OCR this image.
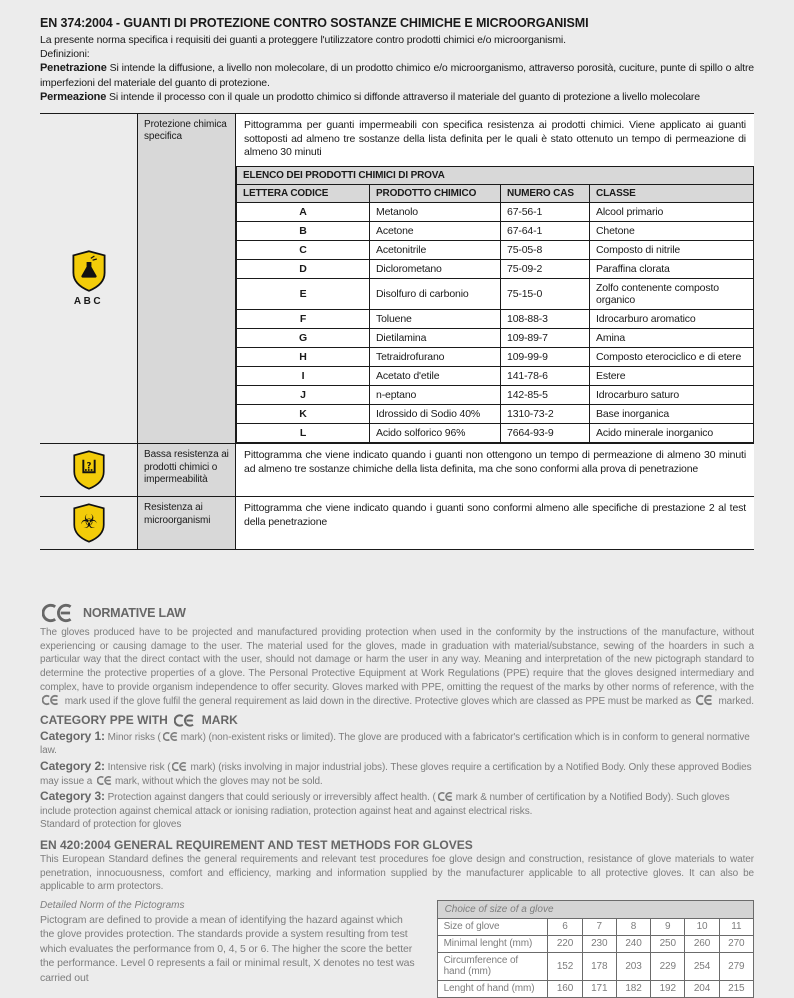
EN 374:2004 - GUANTI DI PROTEZIONE CONTRO SOSTANZE CHIMICHE E MICROORGANISMI

La presente norma specifica i requisiti dei guanti a proteggere l'utilizzatore contro prodotti chimici e/o microorganismi.

Definizioni:

Penetrazione Si intende la diffusione, a livello non molecolare, di un prodotto chimico e/o microorganismo, attraverso porosità, cuciture, punte di spillo o altre imperfezioni del materiale del guanto di protezione.

Permeazione Si intende il processo con il quale un prodotto chimico si diffonde attraverso il materiale del guanto di protezione a livello molecolare

ABC
Protezione chimica specifica

Pittogramma per guanti impermeabili con specifica resistenza ai prodotti chimici. Viene applicato ai guanti sottoposti ad almeno tre sostanze della lista definita per le quali è stato ottenuto un tempo di permeazione di almeno 30 minuti

ELENCO DEI PRODOTTI CHIMICI DI PROVA			
LETTERA CODICE	PRODOTTO CHIMICO	NUMERO CAS	CLASSE
A	Metanolo	67-56-1	Alcool primario
B	Acetone	67-64-1	Chetone
C	Acetonitrile	75-05-8	Composto di nitrile
D	Diclorometano	75-09-2	Paraffina clorata
E	Disolfuro di carbonio	75-15-0	Zolfo contenente composto organico
F	Toluene	108-88-3	Idrocarburo aromatico
G	Dietilamina	109-89-7	Amina
H	Tetraidrofurano	109-99-9	Composto eterociclico e di etere
I	Acetato d'etile	141-78-6	Estere
J	n-eptano	142-85-5	Idrocarburo saturo
K	Idrossido di Sodio 40%	1310-73-2	Base inorganica
L	Acido solforico 96%	7664-93-9	Acido minerale inorganico
?
Bassa resistenza ai prodotti chimici o impermeabilità

Pittogramma che viene indicato quando i guanti non ottengono un tempo di permeazione di almeno 30 minuti ad almeno tre sostanze chimiche della lista definita, ma che sono conformi alla prova di penetrazione

☣
Resistenza ai microorganismi

Pittogramma che viene indicato quando i guanti sono conformi almeno alle specifiche di prestazione 2 al test della penetrazione

NORMATIVE LAW

The gloves produced have to be projected and manufactured providing protection when used in the conformity by the instructions of the manufacture, without experiencing or causing damage to the user. The material used for the gloves, made in graduation with material/substance, sewing of the hoarders in such a particular way that the direct contact with the user, should not damage or harm the user in any way. Meaning and interpretation of the new pictograph standard to determine the protective properties of a glove. The Personal Protective Equipment at Work Regulations (PPE) require that the gloves designed intermediary and complex, have to provide organism independence to offer security. Gloves marked with PPE, omitting the request of the marks by other norms of reference, with the  mark used if the glove fulfil the general requirement as laid down in the directive. Protective gloves which are classed as PPE must be marked as	marked.

CATEGORY PPE WITH	MARK

Category 1: Minor risks ( mark) (non-existent risks or limited). The glove are produced with a fabricator's certification which is in conform to general normative law.

Category 2: Intensive risk ( mark) (risks involving in major industrial jobs). These gloves require a certification by a Notified Body. Only these approved Bodies may issue a mark, without which the gloves may not be sold.

Category 3: Protection against dangers that could seriously or irreversibly affect health. ( mark & number of certification by a Notified Body). Such gloves include protection against chemical attack or ionising radiation, protection against heat and against electrical risks.

Standard of protection for gloves

EN 420:2004 GENERAL REQUIREMENT AND TEST METHODS FOR GLOVES

This European Standard defines the general requirements and relevant test procedures foe glove design and construction, resistance of glove materials to water penetration, innocuousness, comfort and efficiency, marking and information supplied by the manufacturer applicable to all protective gloves. It can also be applicable to arm protectors.

Detailed Norm of the Pictograms

Pictogram are defined to provide a mean of identifying the hazard against which the glove provides protection. The standards provide a system resulting from test which evaluates the performance from 0, 4, 5 or 6. The higher the score the better the performance. Level 0 represents a fail or minimal result, X denotes no test was carried out

Choice of size of a glove
Size of glove	6	7	8	9	10	11
Minimal lenght (mm)	220	230	240	250	260	270
Circumference of hand (mm)	152	178	203	229	254	279
Lenght of hand (mm)	160	171	182	192	204	215
